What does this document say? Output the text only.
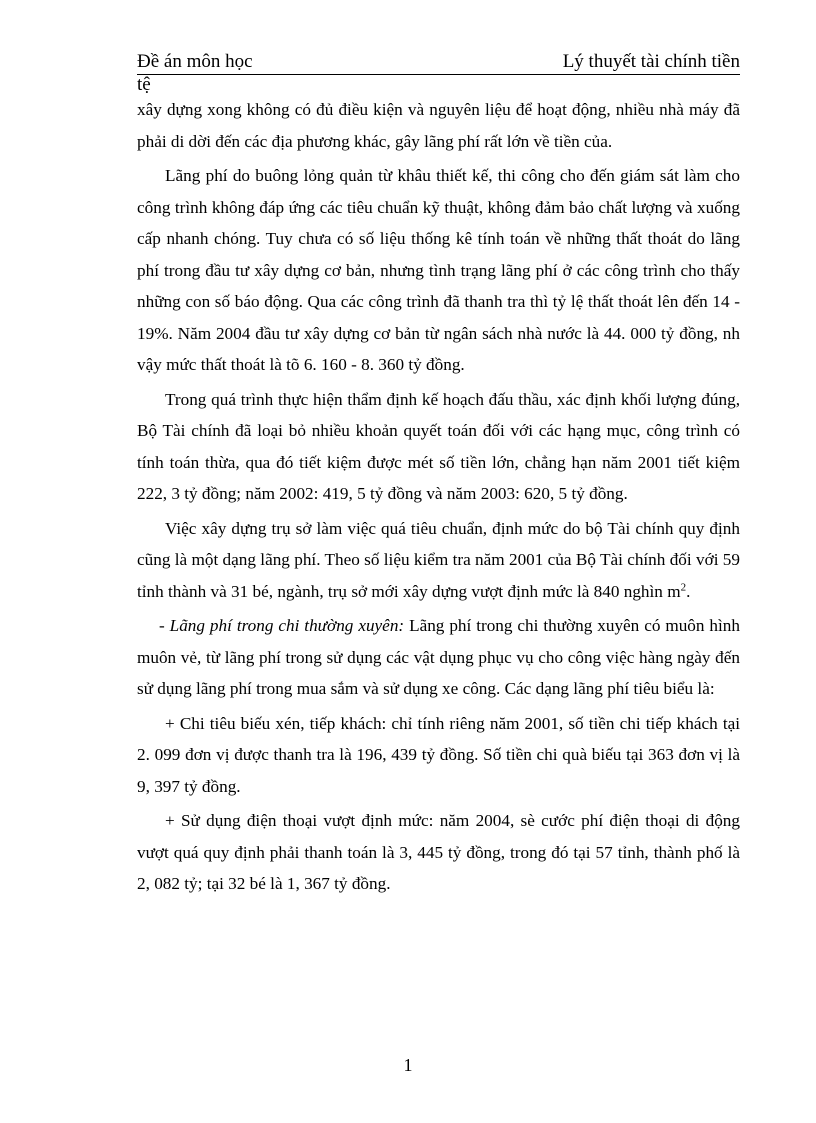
Đề án môn học	Lý thuyết tài chính tiền
tệ

xây dựng xong không có đủ điều kiện và nguyên liệu để hoạt động, nhiều nhà máy đã phải di dời đến các địa phương khác, gây lãng phí rất lớn về tiền của.

Lãng phí do buông lỏng quản từ khâu thiết kế, thi công cho đến giám sát làm cho công trình không đáp ứng các tiêu chuẩn kỹ thuật, không đảm bảo chất lượng và xuống cấp nhanh chóng. Tuy chưa có số liệu thống kê tính toán về những thất thoát do lãng phí trong đầu tư xây dựng cơ bản, nhưng tình trạng lãng phí ở các công trình cho thấy những con số báo động. Qua các công trình đã thanh tra thì tỷ lệ thất thoát lên đến 14 - 19%. Năm 2004 đầu tư xây dựng cơ bản từ ngân sách nhà nước là 44. 000 tỷ đồng, nh vậy mức thất thoát là tõ 6. 160 - 8. 360 tỷ đồng.

Trong quá trình thực hiện thẩm định kế hoạch đấu thầu, xác định khối lượng đúng, Bộ Tài chính đã loại bỏ nhiều khoản quyết toán đối với các hạng mục, công trình có tính toán thừa, qua đó tiết kiệm được mét số tiền lớn, chẳng hạn năm 2001 tiết kiệm 222, 3 tỷ đồng; năm 2002: 419, 5 tỷ đồng và năm 2003: 620, 5 tỷ đồng.

Việc xây dựng trụ sở làm việc quá tiêu chuẩn, định mức do bộ Tài chính quy định cũng là một dạng lãng phí. Theo số liệu kiểm tra năm 2001 của Bộ Tài chính đối với 59 tỉnh thành và 31 bé, ngành, trụ sở mới xây dựng vượt định mức là 840 nghìn $m^2$.

- Lãng phí trong chi thường xuyên: Lãng phí trong chi thường xuyên có muôn hình muôn vẻ, từ lãng phí trong sử dụng các vật dụng phục vụ cho công việc hàng ngày đến sử dụng lãng phí trong mua sắm và sử dụng xe công. Các dạng lãng phí tiêu biểu là:

+ Chi tiêu biếu xén, tiếp khách: chỉ tính riêng năm 2001, số tiền chi tiếp khách tại 2. 099 đơn vị được thanh tra là 196, 439 tỷ đồng. Số tiền chi quà biếu tại 363 đơn vị là 9, 397 tỷ đồng.

+ Sử dụng điện thoại vượt định mức: năm 2004, sè cước phí điện thoại di động vượt quá quy định phải thanh toán là 3, 445 tỷ đồng, trong đó tại 57 tỉnh, thành phố là 2, 082 tỷ; tại 32 bé là 1, 367 tỷ đồng.

1
